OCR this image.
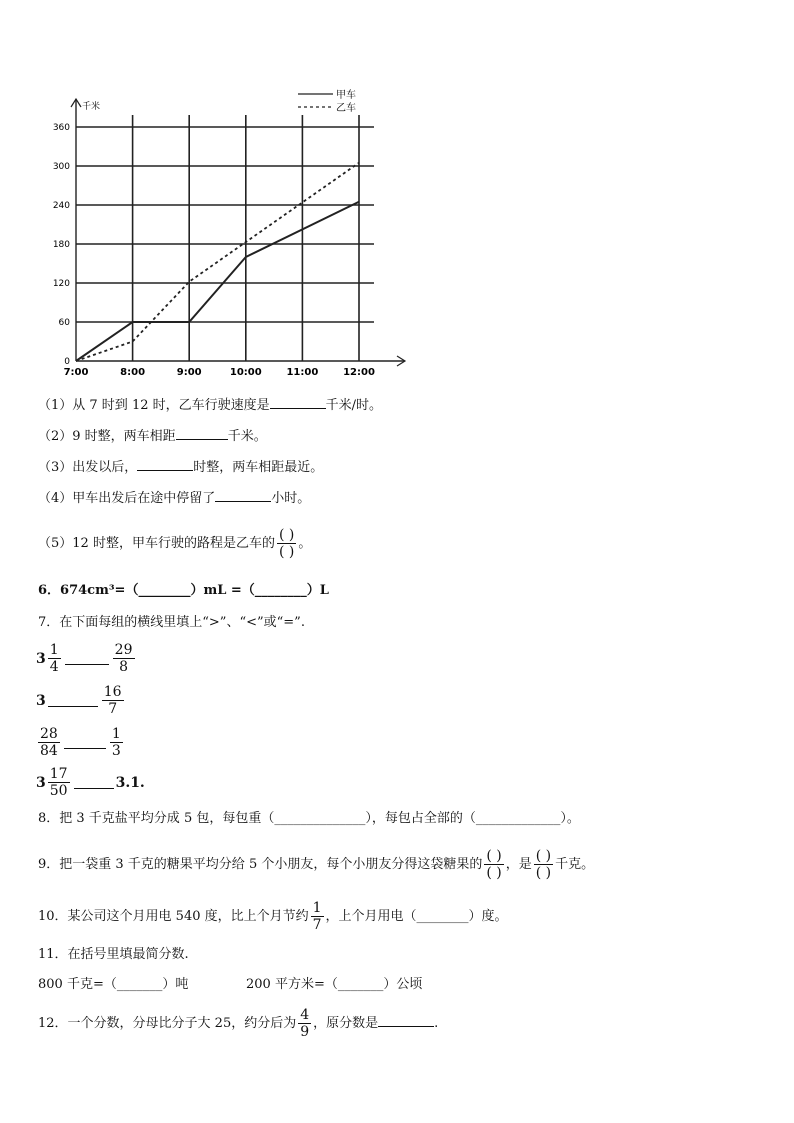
千米
0
60
120
180
240
300
360
7:00	8:00	9:00	10:00 11:00 12:00
甲车
乙车
（1）从 7 时到 12 时，乙车行驶速度是	千米/时。
（2）9 时整，两车相距	千米。
（3）出发以后，	时整，两车相距最近。
（4）甲车出发后在途中停留了	小时。
（5）12 时整，甲车行驶的路程是乙车的 $\frac{( )}{( )}$ 。
6．674cm³=（________）mL =（________）L
7．在下面每组的横线里填上“>”、“<”或“=”.
$3 \frac{1}{4}$	$\frac{29}{8}$
3	$\frac{16}{7}$
$\frac{28}{84}$	$\frac{1}{3}$
$3 \frac{17}{50}$	3.1.
8．把 3 千克盐平均分成 5 包，每包重（______________），每包占全部的（_____________）。
9．把一袋重 3 千克的糖果平均分给 5 个小朋友，每个小朋友分得这袋糖果的 $\frac{( )}{( )}$ ，是 $\frac{( )}{( )}$ 千克。
10．某公司这个月用电 540 度，比上个月节约 $\frac{1}{7}$ ，上个月用电（________）度。
11．在括号里填最简分数.
800 千克=（_______）吨	200 平方米=（_______）公顷
12．一个分数，分母比分子大 25，约分后为 $\frac{4}{9}$ ，原分数是	.
